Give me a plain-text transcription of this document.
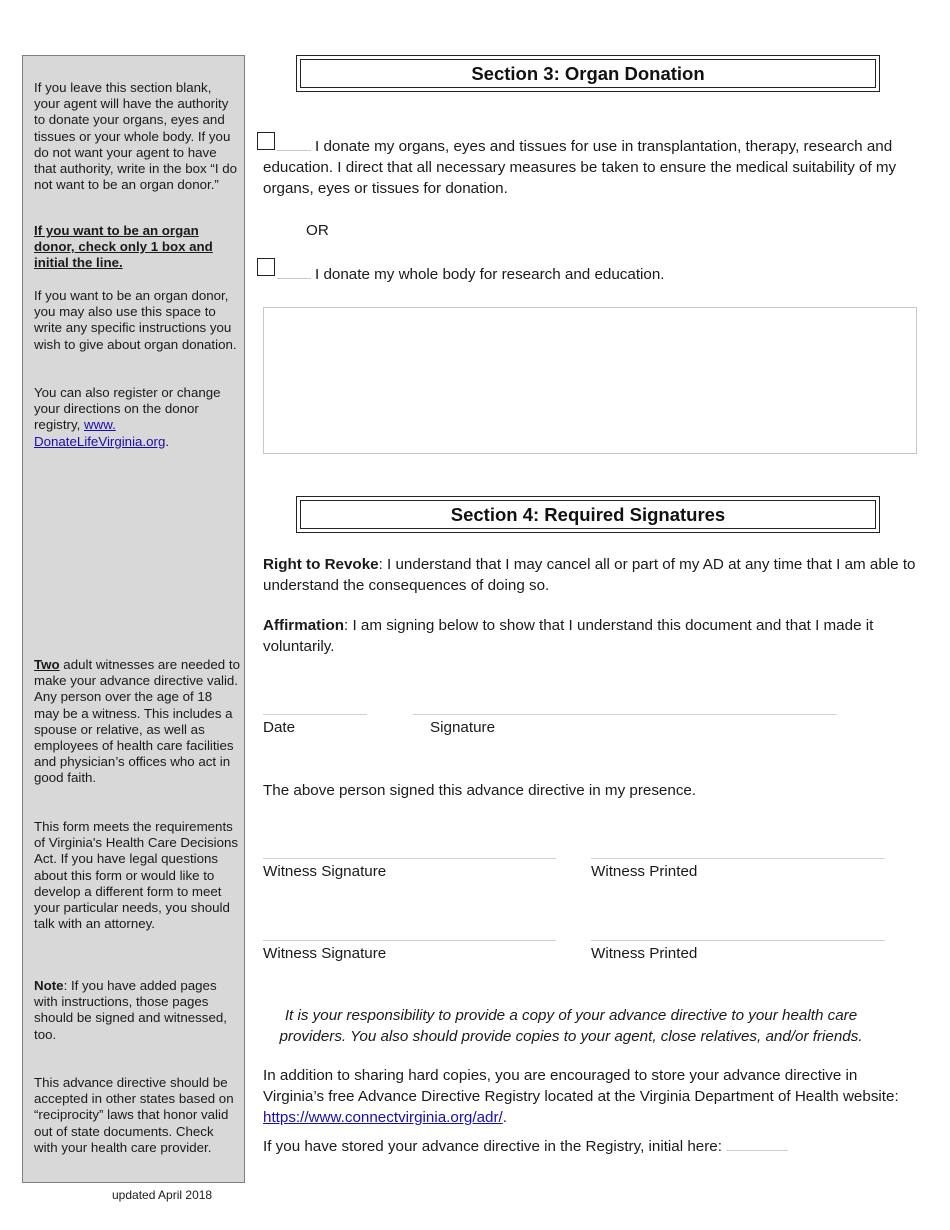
If you leave this section blank, your agent will have the authority to donate your organs, eyes and tissues or your whole body. If you do not want your agent to have that authority, write in the box “I do not want to be an organ donor.”
If you want to be an organ donor, check only 1 box and initial the line.
If you want to be an organ donor, you may also use this space to write any specific instructions you wish to give about organ donation.
You can also register or change your directions on the donor registry, www.
DonateLifeVirginia.org.
Two adult witnesses are needed to make your advance directive valid. Any person over the age of 18 may be a witness. This includes a spouse or relative, as well as employees of health care facilities and physician’s offices who act in good faith.
This form meets the requirements of Virginia's Health Care Decisions Act. If you have legal questions about this form or would like to develop a different form to meet your particular needs, you should talk with an attorney.
Note: If you have added pages with instructions, those pages should be signed and witnessed, too.
This advance directive should be accepted in other states based on “reciprocity” laws that honor valid out of state documents. Check with your health care provider.
updated April 2018
Section 3: Organ Donation
I donate my organs, eyes and tissues for use in transplantation, therapy, research and education. I direct that all necessary measures be taken to ensure the medical suitability of my organs, eyes or tissues for donation.
OR
I donate my whole body for research and education.
Section 4: Required Signatures
Right to Revoke: I understand that I may cancel all or part of my AD at any time that I am able to understand the consequences of doing so.
Affirmation: I am signing below to show that I understand this document and that I made it voluntarily.
Date	Signature
The above person signed this advance directive in my presence.
Witness Signature	Witness Printed
Witness Signature	Witness Printed
It is your responsibility to provide a copy of your advance directive to your health care providers. You also should provide copies to your agent, close relatives, and/or friends.
In addition to sharing hard copies, you are encouraged to store your advance directive in Virginia’s free Advance Directive Registry located at the Virginia Department of Health website: https://www.connectvirginia.org/adr/.
If you have stored your advance directive in the Registry, initial here:
